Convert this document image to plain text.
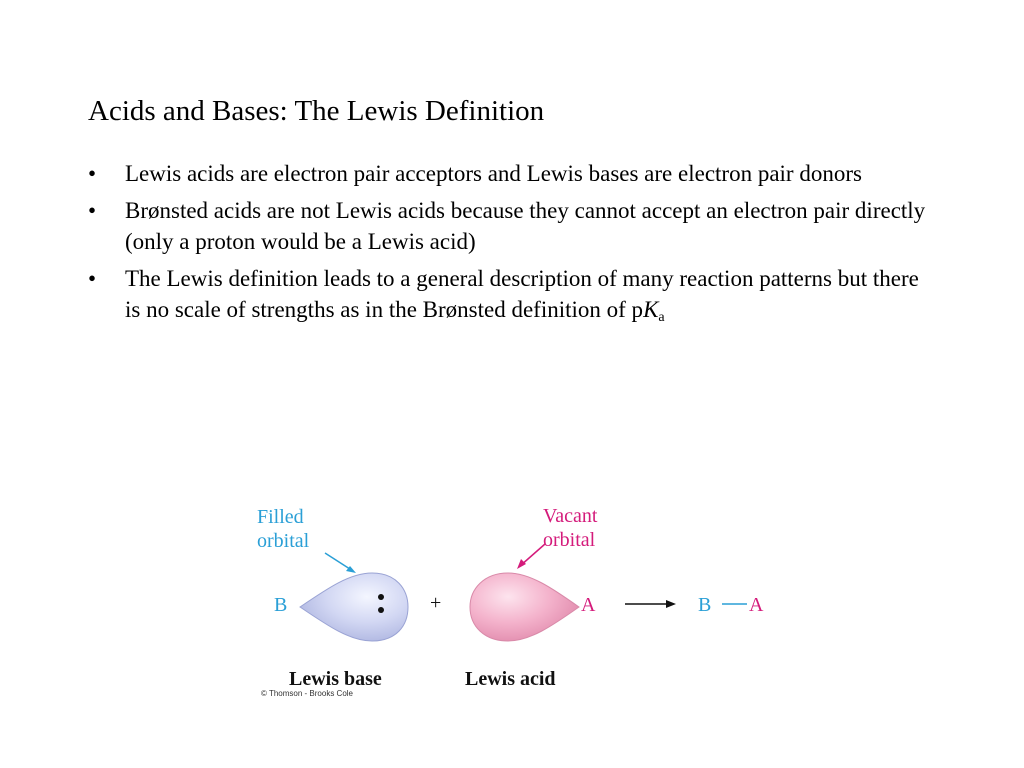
Acids and Bases: The Lewis Definition
• Lewis acids are electron pair acceptors and Lewis bases are electron pair donors
• Brønsted acids are not Lewis acids because they cannot accept an electron pair directly (only a proton would be a Lewis acid)
• The Lewis definition leads to a general description of many reaction patterns but there is no scale of strengths as in the Brønsted definition of $pK_a$
Filled
orbital
Vacant
orbital
B	+	A	B A
Lewis base	Lewis acid
© Thomson - Brooks Cole
